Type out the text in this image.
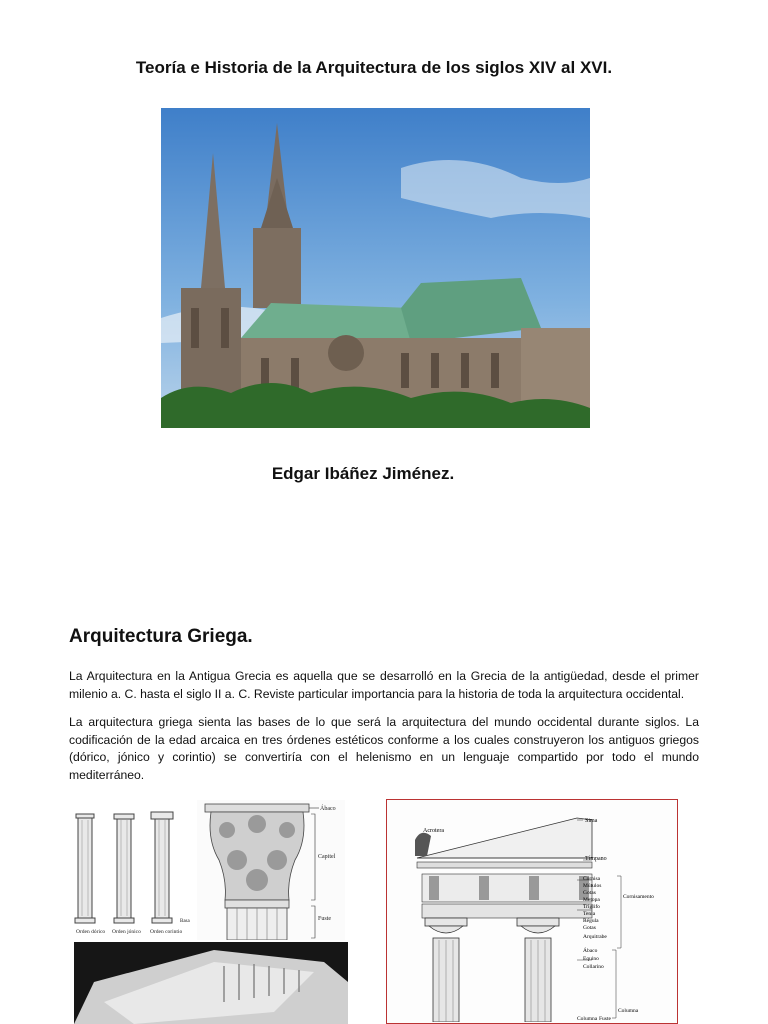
Teoría e Historia de la Arquitectura de los siglos XIV al XVI.
Edgar Ibáñez Jiménez.
Arquitectura Griega.

La Arquitectura en la Antigua Grecia es aquella que se desarrolló en la Grecia de la antigüedad, desde el primer milenio a. C. hasta el siglo II a. C. Reviste particular importancia para la historia de toda la arquitectura occidental.

La arquitectura griega sienta las bases de lo que será la arquitectura del mundo occidental durante siglos. La codificación de la edad arcaica en tres órdenes estéticos conforme a los cuales construyeron los antiguos griegos (dórico, jónico y corintio) se convertiría con el helenismo en un lenguaje compartido por todo el mundo mediterráneo.

Orden dórico Orden jónico Orden corintio
Basa
Ábaco
Capitel
Fuste
Sima
Acrotera
Tímpano
Cornisa
Mútulos
Gotas
Metopa
Triglifo
Tenia
Régula
Gotas
Arquitrabe
Ábaco
Equino
Collarino
Cornisamento
Columna
Columna Fuste
